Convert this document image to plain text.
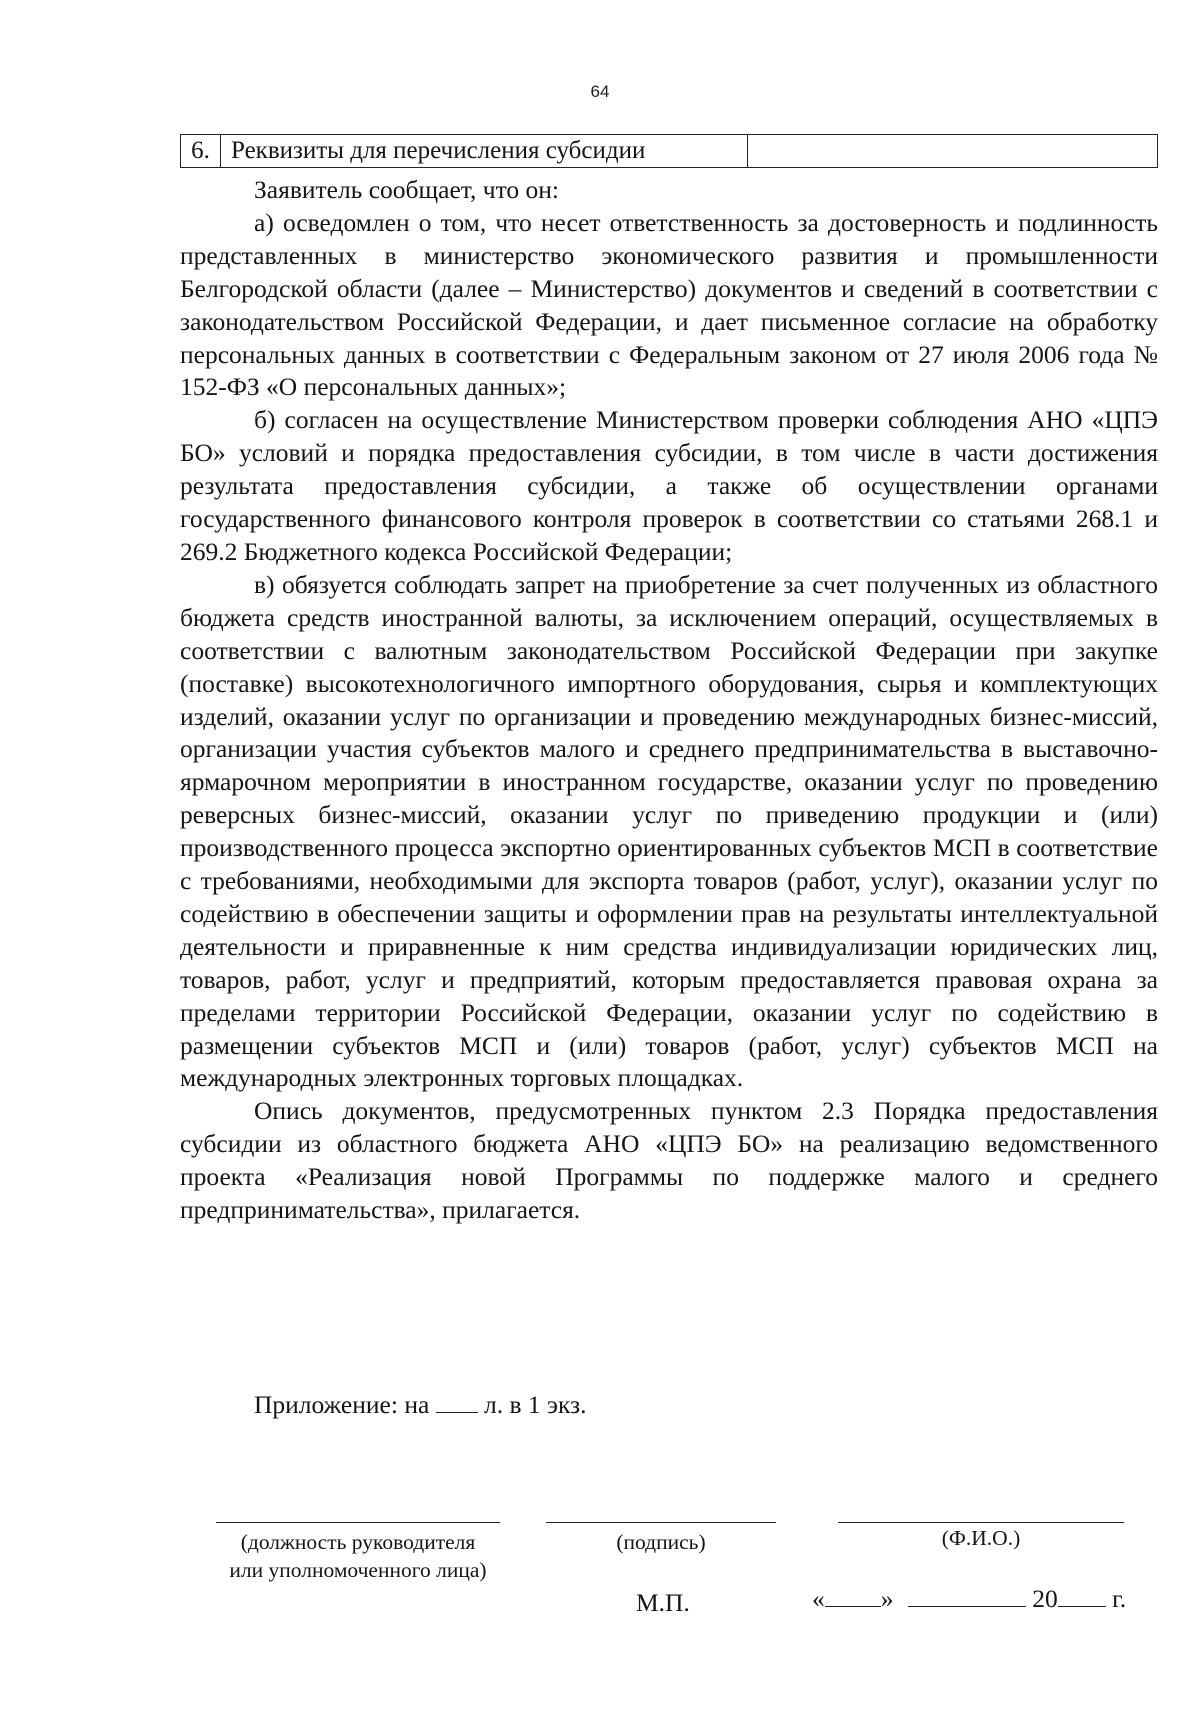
64
6. Реквизиты для перечисления субсидии

Заявитель сообщает, что он:

а) осведомлен о том, что несет ответственность за достоверность и подлинность представленных в министерство экономического развития и промышленности Белгородской области (далее – Министерство) документов и сведений в соответствии с законодательством Российской Федерации, и дает письменное согласие на обработку персональных данных в соответствии с Федеральным законом от 27 июля 2006 года № 152-ФЗ «О персональных данных»;

б) согласен на осуществление Министерством проверки соблюдения АНО «ЦПЭ БО» условий и порядка предоставления субсидии, в том числе в части достижения результата предоставления субсидии, а также об осуществлении органами государственного финансового контроля проверок в соответствии со статьями 268.1 и 269.2 Бюджетного кодекса Российской Федерации;

в) обязуется соблюдать запрет на приобретение за счет полученных из областного бюджета средств иностранной валюты, за исключением операций, осуществляемых в соответствии с валютным законодательством Российской Федерации при закупке (поставке) высокотехнологичного импортного оборудования, сырья и комплектующих изделий, оказании услуг по организации и проведению международных бизнес-миссий, организации участия субъектов малого и среднего предпринимательства в выставочно-ярмарочном мероприятии в иностранном государстве, оказании услуг по проведению реверсных бизнес-миссий, оказании услуг по приведению продукции и (или) производственного процесса экспортно ориентированных субъектов МСП в соответствие с требованиями, необходимыми для экспорта товаров (работ, услуг), оказании услуг по содействию в обеспечении защиты и оформлении прав на результаты интеллектуальной деятельности и приравненные к ним средства индивидуализации юридических лиц, товаров, работ, услуг и предприятий, которым предоставляется правовая охрана за пределами территории Российской Федерации, оказании услуг по содействию в размещении субъектов МСП и (или) товаров (работ, услуг) субъектов МСП на международных электронных торговых площадках.

Опись документов, предусмотренных пунктом 2.3 Порядка предоставления субсидии из областного бюджета АНО «ЦПЭ БО» на реализацию ведомственного проекта «Реализация новой Программы по поддержке малого и среднего предпринимательства», прилагается.

Приложение: на л. в 1 экз.
(должность руководителя
или уполномоченного лица)
(подпись)	(Ф.И.О.)
М.П.	« »	20 г.
